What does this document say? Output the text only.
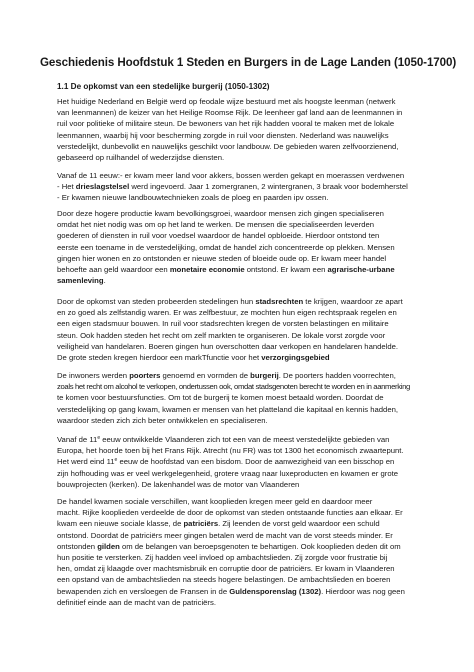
Geschiedenis Hoofdstuk 1 Steden en Burgers in de Lage Landen (1050-1700)
1.1 De opkomst van een stedelijke burgerij (1050-1302)
Het huidige Nederland en België werd op feodale wijze bestuurd met als hoogste leenman (netwerk
van leenmannen) de keizer van het Heilige Roomse Rijk. De leenheer gaf land aan de leenmannen in
ruil voor politieke of militaire steun. De bewoners van het rijk hadden vooral te maken met de lokale
leenmannen, waarbij hij voor bescherming zorgde in ruil voor diensten. Nederland was nauwelijks
verstedelijkt, dunbevolkt en nauwelijks geschikt voor landbouw. De gebieden waren zelfvoorzienend,
gebaseerd op ruilhandel of wederzijdse diensten.
Vanaf de 11 eeuw:- er kwam meer land voor akkers, bossen werden gekapt en moerassen verdwenen
- Het drieslagstelsel werd ingevoerd. Jaar 1 zomergranen, 2 wintergranen, 3 braak voor bodemherstel
- Er kwamen nieuwe landbouwtechnieken zoals de ploeg en paarden ipv ossen.
Door deze hogere productie kwam bevolkingsgroei, waardoor mensen zich gingen specialiseren
omdat het niet nodig was om op het land te werken. De mensen die specialiseerden leverden
goederen of diensten in ruil voor voedsel waardoor de handel opbloeide. Hierdoor ontstond ten
eerste een toename in de verstedelijking, omdat de handel zich concentreerde op plekken. Mensen
gingen hier wonen en zo ontstonden er nieuwe steden of bloeide oude op. Er kwam meer handel
behoefte aan geld waardoor een monetaire economie ontstond. Er kwam een agrarische-urbane
samenleving.
Door de opkomst van steden probeerden stedelingen hun stadsrechten te krijgen, waardoor ze apart
en zo goed als zelfstandig waren. Er was zelfbestuur, ze mochten hun eigen rechtspraak regelen en
een eigen stadsmuur bouwen. In ruil voor stadsrechten kregen de vorsten belastingen en militaire
steun. Ook hadden steden het recht om zelf markten te organiseren. De lokale vorst zorgde voor
veiligheid van handelaren. Boeren gingen hun overschotten daar verkopen en handelaren handelde.
De grote steden kregen hierdoor een markTfunctie voor het verzorgingsgebied
De inwoners werden poorters genoemd en vormden de burgerij. De poorters hadden voorrechten,
zoals het recht om alcohol te verkopen, ondertussen ook, omdat stadsgenoten berecht te worden en in aanmerking
te komen voor bestuursfuncties. Om tot de burgerij te komen moest betaald worden. Doordat de
verstedelijking op gang kwam, kwamen er mensen van het platteland die kapitaal en kennis hadden,
waardoor steden zich zich beter ontwikkelen en specialiseren.
Vanaf de 11e eeuw ontwikkelde Vlaanderen zich tot een van de meest verstedelijkte gebieden van
Europa, het hoorde toen bij het Frans Rijk. Atrecht (nu FR) was tot 1300 het economisch zwaartepunt.
Het werd eind 11e eeuw de hoofdstad van een bisdom. Door de aanwezigheid van een bisschop en
zijn hofhouding was er veel werkgelegenheid, grotere vraag naar luxeproducten en kwamen er grote
bouwprojecten (kerken). De lakenhandel was de motor van Vlaanderen
De handel kwamen sociale verschillen, want kooplieden kregen meer geld en daardoor meer
macht. Rijke kooplieden verdeelde de door de opkomst van steden ontstaande functies aan elkaar. Er
kwam een nieuwe sociale klasse, de patriciërs. Zij leenden de vorst geld waardoor een schuld
ontstond. Doordat de patriciërs meer gingen betalen werd de macht van de vorst steeds minder. Er
ontstonden gilden om de belangen van beroepsgenoten te behartigen. Ook kooplieden deden dit om
hun positie te versterken. Zij hadden veel invloed op ambachtslieden. Zij zorgde voor frustratie bij
hen, omdat zij klaagde over machtsmisbruik en corruptie door de patriciërs. Er kwam in Vlaanderen
een opstand van de ambachtslieden na steeds hogere belastingen. De ambachtslieden en boeren
bewapenden zich en versloegen de Fransen in de Guldensporenslag (1302). Hierdoor was nog geen
definitief einde aan de macht van de patriciërs.
